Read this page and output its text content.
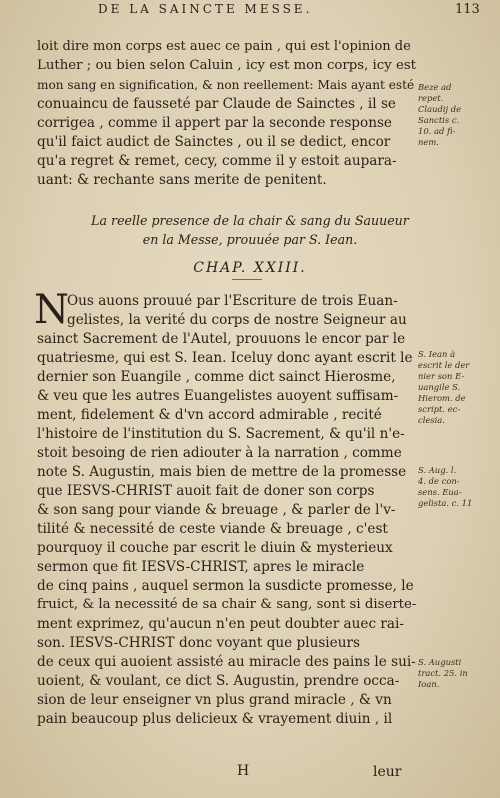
DE LA SAINCTE MESSE.	113
loit dire mon corps est auec ce pain , qui est l'opinion de
Luther ; ou bien selon Caluin , icy est mon corps, icy est
mon sang en signification, & non reellement: Mais ayant esté
conuaincu de fausseté par Claude de Sainctes , il se
corrigea , comme il appert par la seconde response
qu'il faict audict de Sainctes , ou il se dedict, encor
qu'a regret & remet, cecy, comme il y estoit aupara-
uant: & rechante sans merite de penitent.
Beze ad
repet.
Claudij de
Sanctis c.
10. ad fi-
nem.
La reelle presence de la chair & sang du Sauueur
en la Messe, prouuée par S. Iean.
CHAP. XXIII.
N
Ous auons prouué par l'Escriture de trois Euan-
gelistes, la verité du corps de nostre Seigneur au
sainct Sacrement de l'Autel, prouuons le encor par le
quatriesme, qui est S. Iean. Iceluy donc ayant escrit le
dernier son Euangile , comme dict sainct Hierosme,
& veu que les autres Euangelistes auoyent suffisam-
ment, fidelement & d'vn accord admirable , recité
l'histoire de l'institution du S. Sacrement, & qu'il n'e-
stoit besoing de rien adiouter à la narration , comme
note S. Augustin, mais bien de mettre de la promesse
que IESVS-CHRIST auoit fait de doner son corps
& son sang pour viande & breuage , & parler de l'v-
tilité & necessité de ceste viande & breuage , c'est
pourquoy il couche par escrit le diuin & mysterieux
sermon que fit IESVS-CHRIST, apres le miracle
de cinq pains , auquel sermon la susdicte promesse, le
fruict, & la necessité de sa chair & sang, sont si diserte-
ment exprimez, qu'aucun n'en peut doubter auec rai-
son. IESVS-CHRIST donc voyant que plusieurs
de ceux qui auoient assisté au miracle des pains le sui-
uoient, & voulant, ce dict S. Augustin, prendre occa-
sion de leur enseigner vn plus grand miracle , & vn
pain beaucoup plus delicieux & vrayement diuin , il
S. Iean à
escrit le der
nier son E-
uangile S.
Hierom. de
script. ec-
clesia.
S. Aug. l.
4. de con-
sens. Eua-
gelista. c. 11
S. Augusti
tract. 25. in
Ioan.
H	leur
